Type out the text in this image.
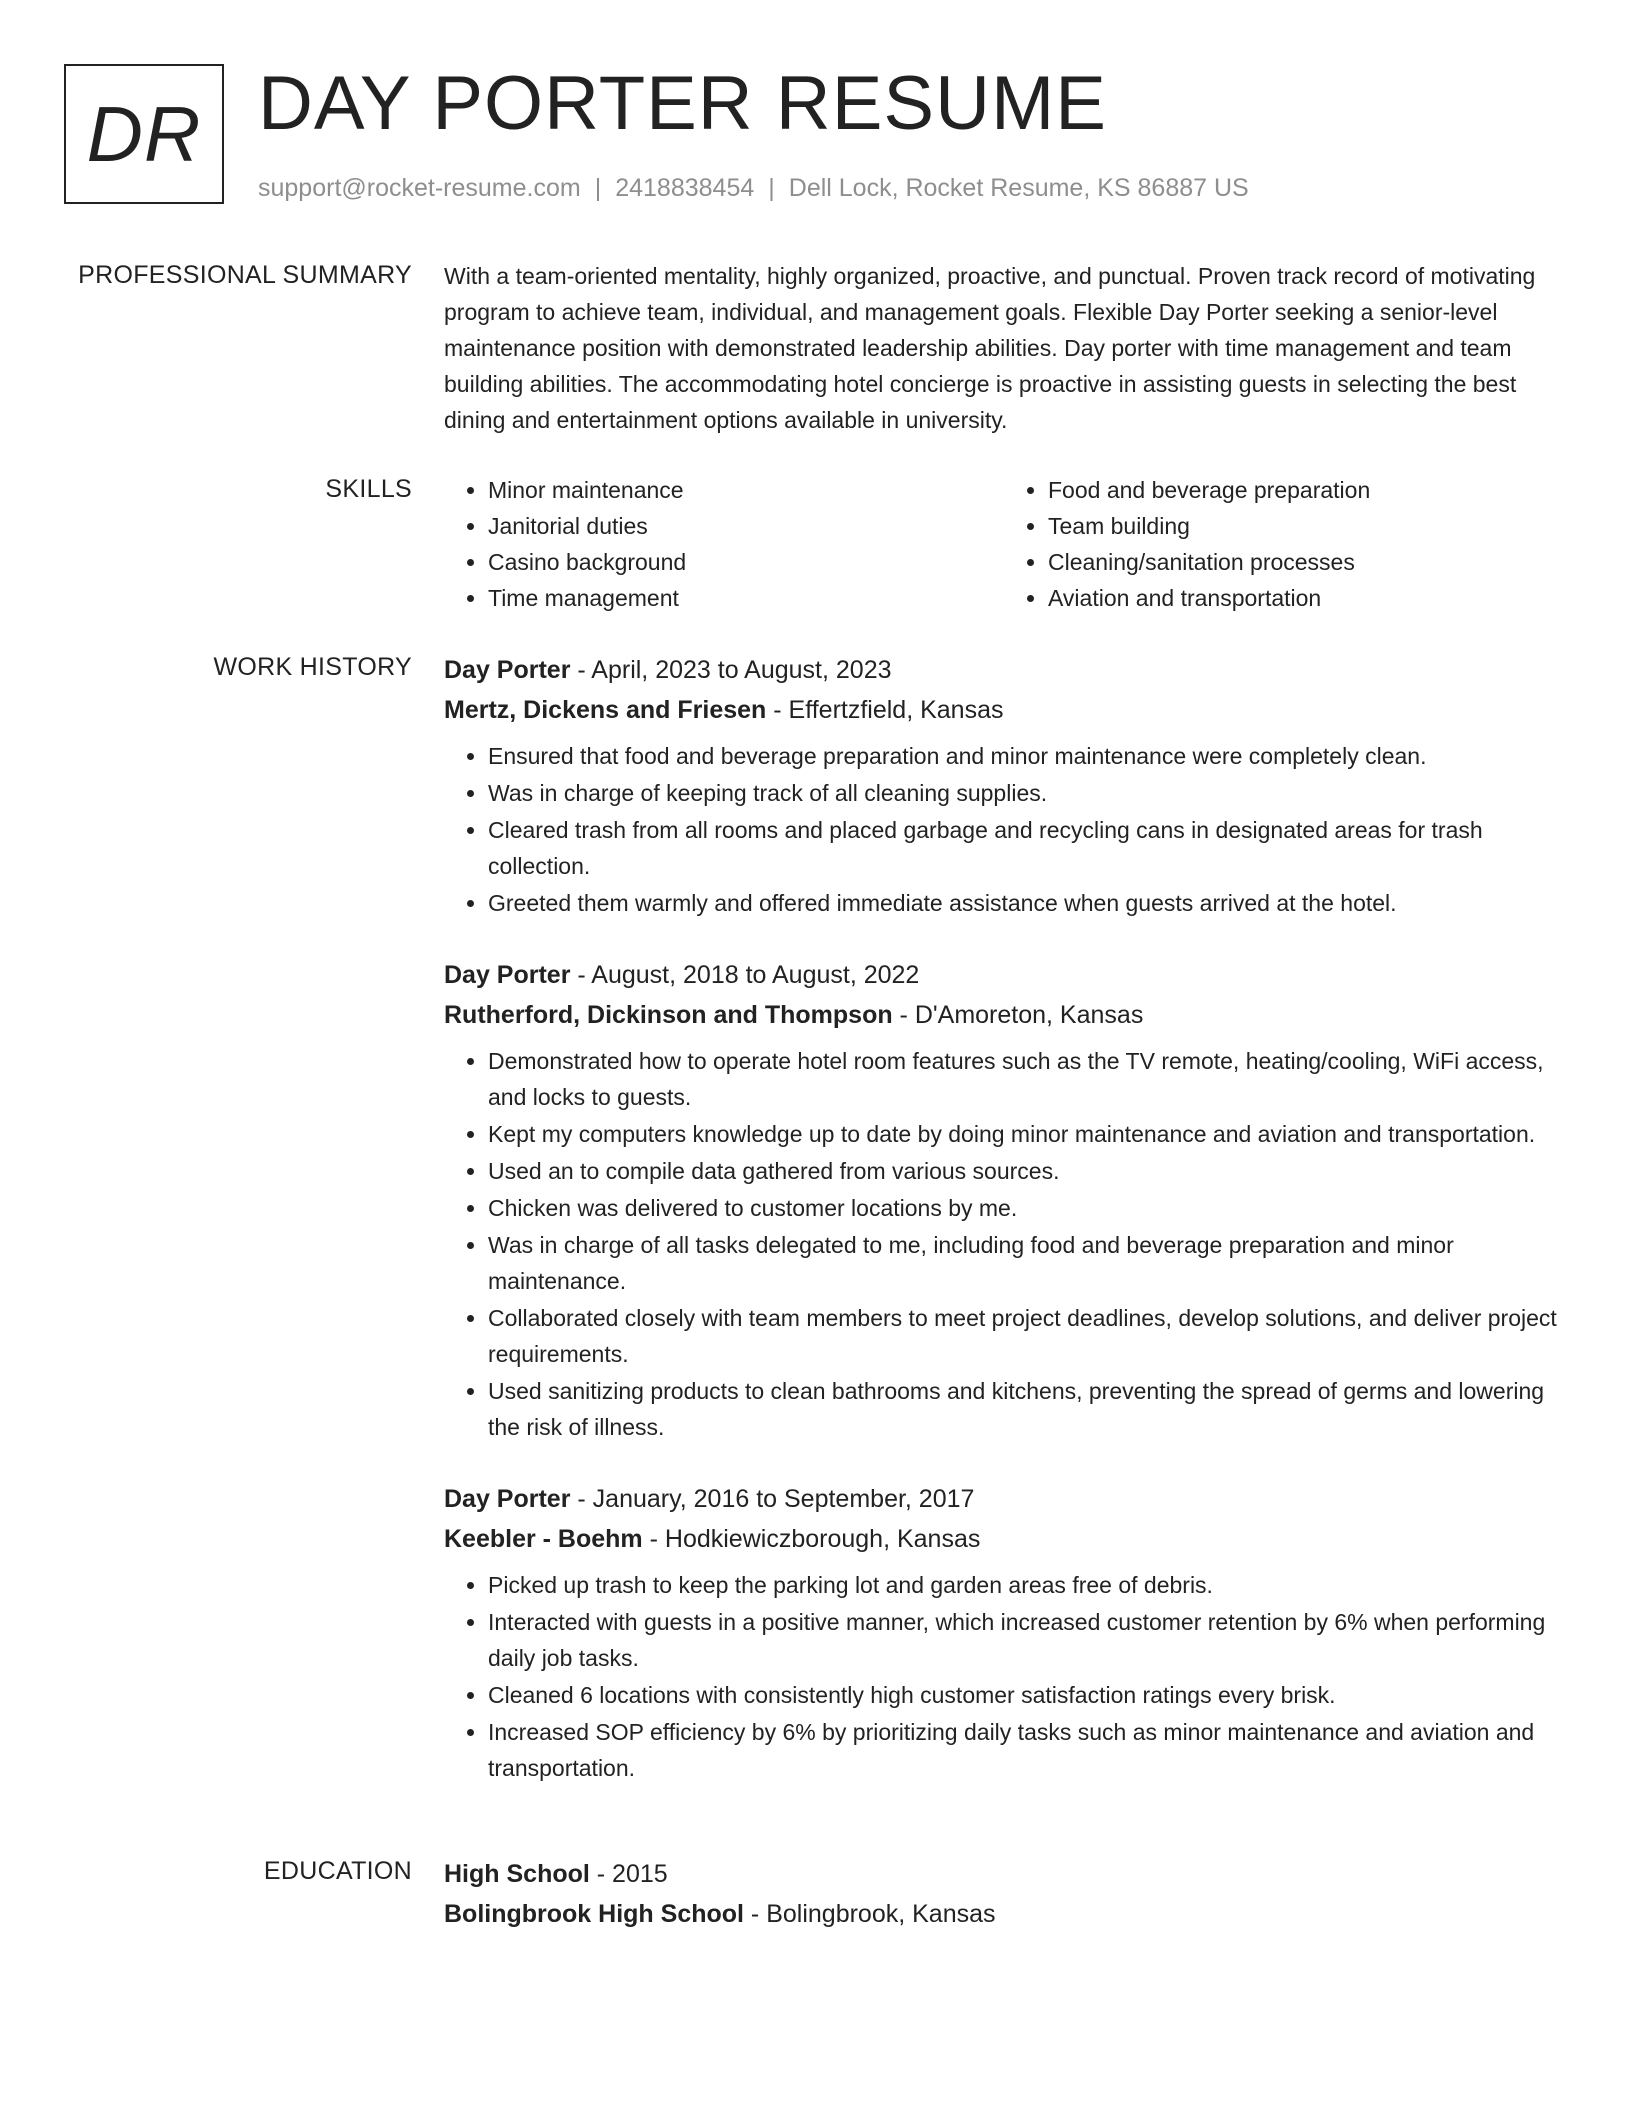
DR DAY PORTER RESUME
support@rocket-resume.com | 2418838454 | Dell Lock, Rocket Resume, KS 86887 US
PROFESSIONAL SUMMARY With a team-oriented mentality, highly organized, proactive, and punctual. Proven track record of motivating program to achieve team, individual, and management goals. Flexible Day Porter seeking a senior-level maintenance position with demonstrated leadership abilities. Day porter with time management and team building abilities. The accommodating hotel concierge is proactive in assisting guests in selecting the best dining and entertainment options available in university.

SKILLS
•	Minor maintenance
• Janitorial duties
• Casino background
• Time management
• Food and beverage preparation
• Team building
• Cleaning/sanitation processes
• Aviation and transportation
WORK HISTORY Day Porter - April, 2023 to August, 2023

Mertz, Dickens and Friesen - Effertzfield, Kansas

• Ensured that food and beverage preparation and minor maintenance were completely clean.
• Was in charge of keeping track of all cleaning supplies.
• Cleared trash from all rooms and placed garbage and recycling cans in designated areas for trash collection.
• Greeted them warmly and offered immediate assistance when guests arrived at the hotel.

Day Porter - August, 2018 to August, 2022

Rutherford, Dickinson and Thompson - D'Amoreton, Kansas

• Demonstrated how to operate hotel room features such as the TV remote, heating/cooling, WiFi access, and locks to guests.
• Kept my computers knowledge up to date by doing minor maintenance and aviation and transportation.
• Used an to compile data gathered from various sources.
• Chicken was delivered to customer locations by me.
• Was in charge of all tasks delegated to me, including food and beverage preparation and minor maintenance.
• Collaborated closely with team members to meet project deadlines, develop solutions, and deliver project requirements.
• Used sanitizing products to clean bathrooms and kitchens, preventing the spread of germs and lowering the risk of illness.

Day Porter - January, 2016 to September, 2017

Keebler - Boehm - Hodkiewiczborough, Kansas

• Picked up trash to keep the parking lot and garden areas free of debris.
• Interacted with guests in a positive manner, which increased customer retention by 6% when performing daily job tasks.
• Cleaned 6 locations with consistently high customer satisfaction ratings every brisk.
• Increased SOP efficiency by 6% by prioritizing daily tasks such as minor maintenance and aviation and transportation.
EDUCATION High School - 2015

Bolingbrook High School - Bolingbrook, Kansas
